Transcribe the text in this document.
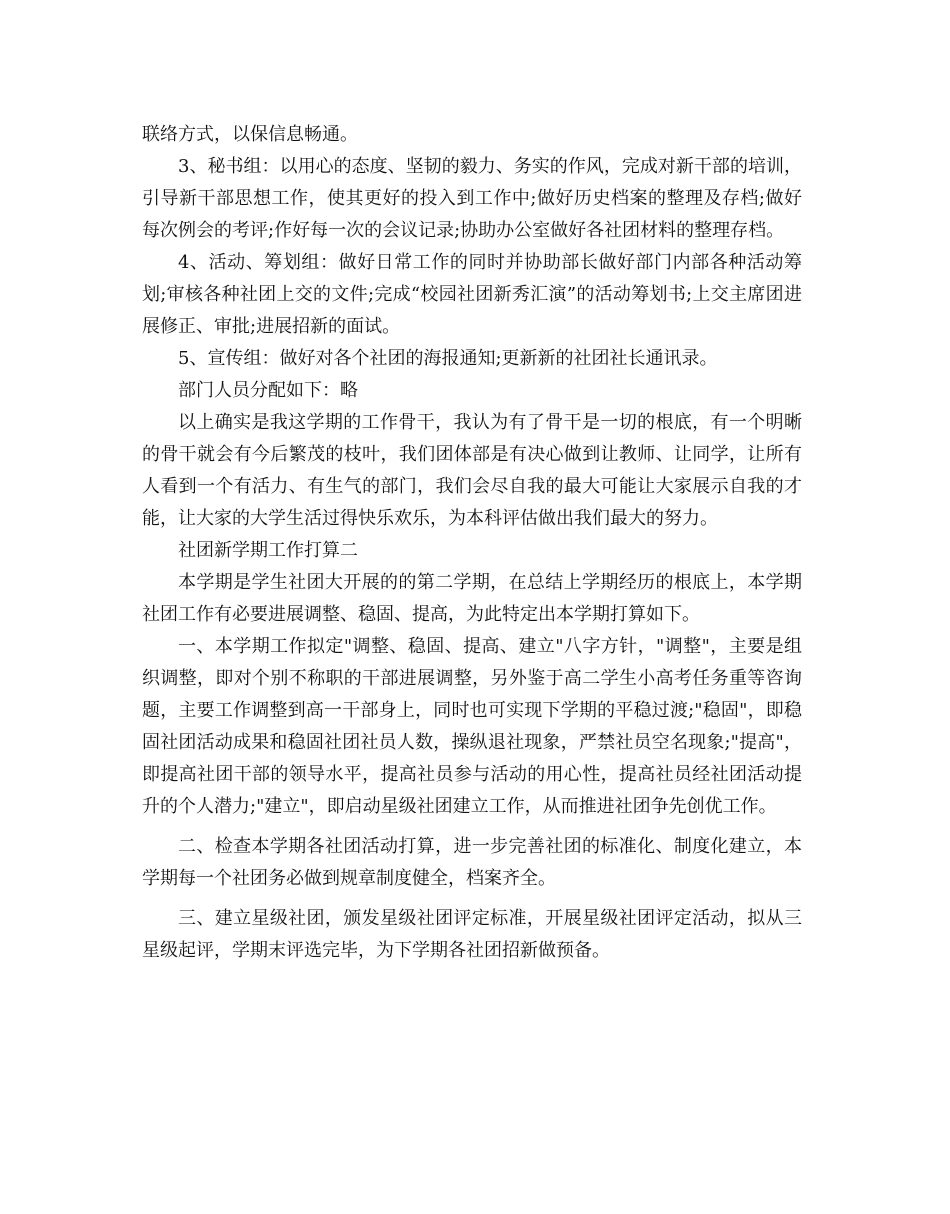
联络方式，以保信息畅通。

3、秘书组：以用心的态度、坚韧的毅力、务实的作风，完成对新干部的培训，引导新干部思想工作，使其更好的投入到工作中;做好历史档案的整理及存档;做好每次例会的考评;作好每一次的会议记录;协助办公室做好各社团材料的整理存档。

4、活动、筹划组：做好日常工作的同时并协助部长做好部门内部各种活动筹划;审核各种社团上交的文件;完成“校园社团新秀汇演”的活动筹划书;上交主席团进展修正、审批;进展招新的面试。

5、宣传组：做好对各个社团的海报通知;更新新的社团社长通讯录。

部门人员分配如下：略

以上确实是我这学期的工作骨干，我认为有了骨干是一切的根底，有一个明晰的骨干就会有今后繁茂的枝叶，我们团体部是有决心做到让教师、让同学，让所有人看到一个有活力、有生气的部门，我们会尽自我的最大可能让大家展示自我的才能，让大家的大学生活过得快乐欢乐，为本科评估做出我们最大的努力。

社团新学期工作打算二

本学期是学生社团大开展的的第二学期，在总结上学期经历的根底上，本学期社团工作有必要进展调整、稳固、提高，为此特定出本学期打算如下。

一、本学期工作拟定"调整、稳固、提高、建立"八字方针，"调整"，主要是组织调整，即对个别不称职的干部进展调整，另外鉴于高二学生小高考任务重等咨询题，主要工作调整到高一干部身上，同时也可实现下学期的平稳过渡;"稳固"，即稳固社团活动成果和稳固社团社员人数，操纵退社现象，严禁社员空名现象;"提高"，即提高社团干部的领导水平，提高社员参与活动的用心性，提高社员经社团活动提升的个人潜力;"建立"，即启动星级社团建立工作，从而推进社团争先创优工作。

二、检查本学期各社团活动打算，进一步完善社团的标准化、制度化建立，本学期每一个社团务必做到规章制度健全，档案齐全。

三、建立星级社团，颁发星级社团评定标准，开展星级社团评定活动，拟从三星级起评，学期末评选完毕，为下学期各社团招新做预备。
